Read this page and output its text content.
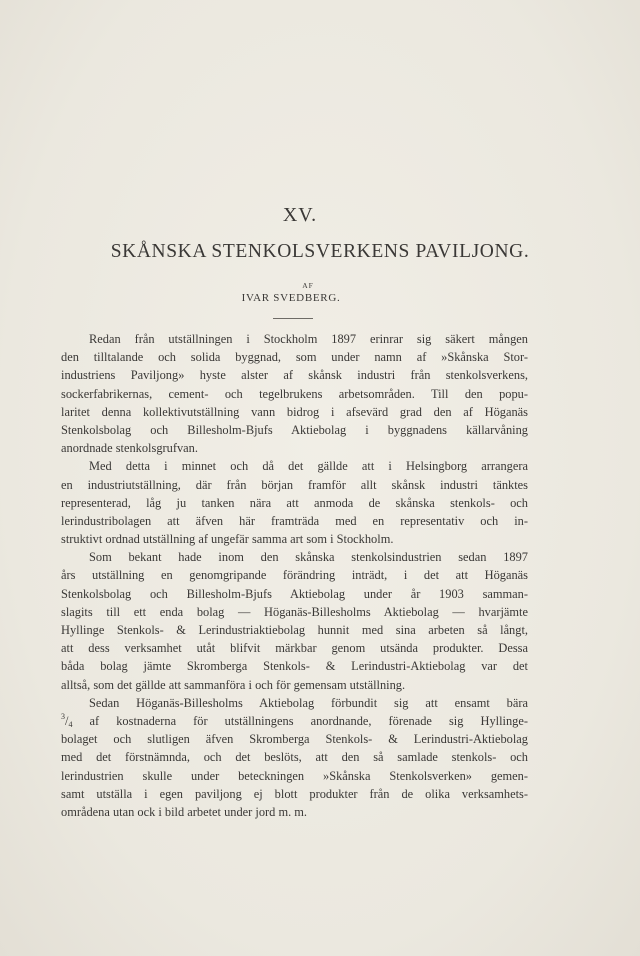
XV.
SKÅNSKA STENKOLSVERKENS PAVILJONG.
AF
IVAR SVEDBERG.
Redan från utställningen i Stockholm 1897 erinrar sig säkert mången
den tilltalande och solida byggnad, som under namn af »Skånska Stor-
industriens Paviljong» hyste alster af skånsk industri från stenkolsverkens,
sockerfabrikernas, cement- och tegelbrukens arbetsområden. Till den popu-
laritet denna kollektivutställning vann bidrog i afsevärd grad den af Höganäs
Stenkolsbolag och Billesholm-Bjufs Aktiebolag i byggnadens källarvåning
anordnade stenkolsgrufvan.
Med detta i minnet och då det gällde att i Helsingborg arrangera
en industriutställning, där från början framför allt skånsk industri tänktes
representerad, låg ju tanken nära att anmoda de skånska stenkols- och
lerindustribolagen att äfven här framträda med en representativ och in-
struktivt ordnad utställning af ungefär samma art som i Stockholm.
Som bekant hade inom den skånska stenkolsindustrien sedan 1897
års utställning en genomgripande förändring inträdt, i det att Höganäs
Stenkolsbolag och Billesholm-Bjufs Aktiebolag under år 1903 samman-
slagits till ett enda bolag — Höganäs-Billesholms Aktiebolag — hvarjämte
Hyllinge Stenkols- & Lerindustriaktiebolag hunnit med sina arbeten så långt,
att dess verksamhet utåt blifvit märkbar genom utsända produkter. Dessa
båda bolag jämte Skromberga Stenkols- & Lerindustri-Aktiebolag var det
alltså, som det gällde att sammanföra i och för gemensam utställning.
Sedan Höganäs-Billesholms Aktiebolag förbundit sig att ensamt bära
$^3$/4 af kostnaderna för utställningens anordnande, förenade sig Hyllinge-
bolaget och slutligen äfven Skromberga Stenkols- & Lerindustri-Aktiebolag
med det förstnämnda, och det beslöts, att den så samlade stenkols- och
lerindustrien skulle under beteckningen »Skånska Stenkolsverken» gemen-
samt utställa i egen paviljong ej blott produkter från de olika verksamhets-
områdena utan ock i bild arbetet under jord m. m.
